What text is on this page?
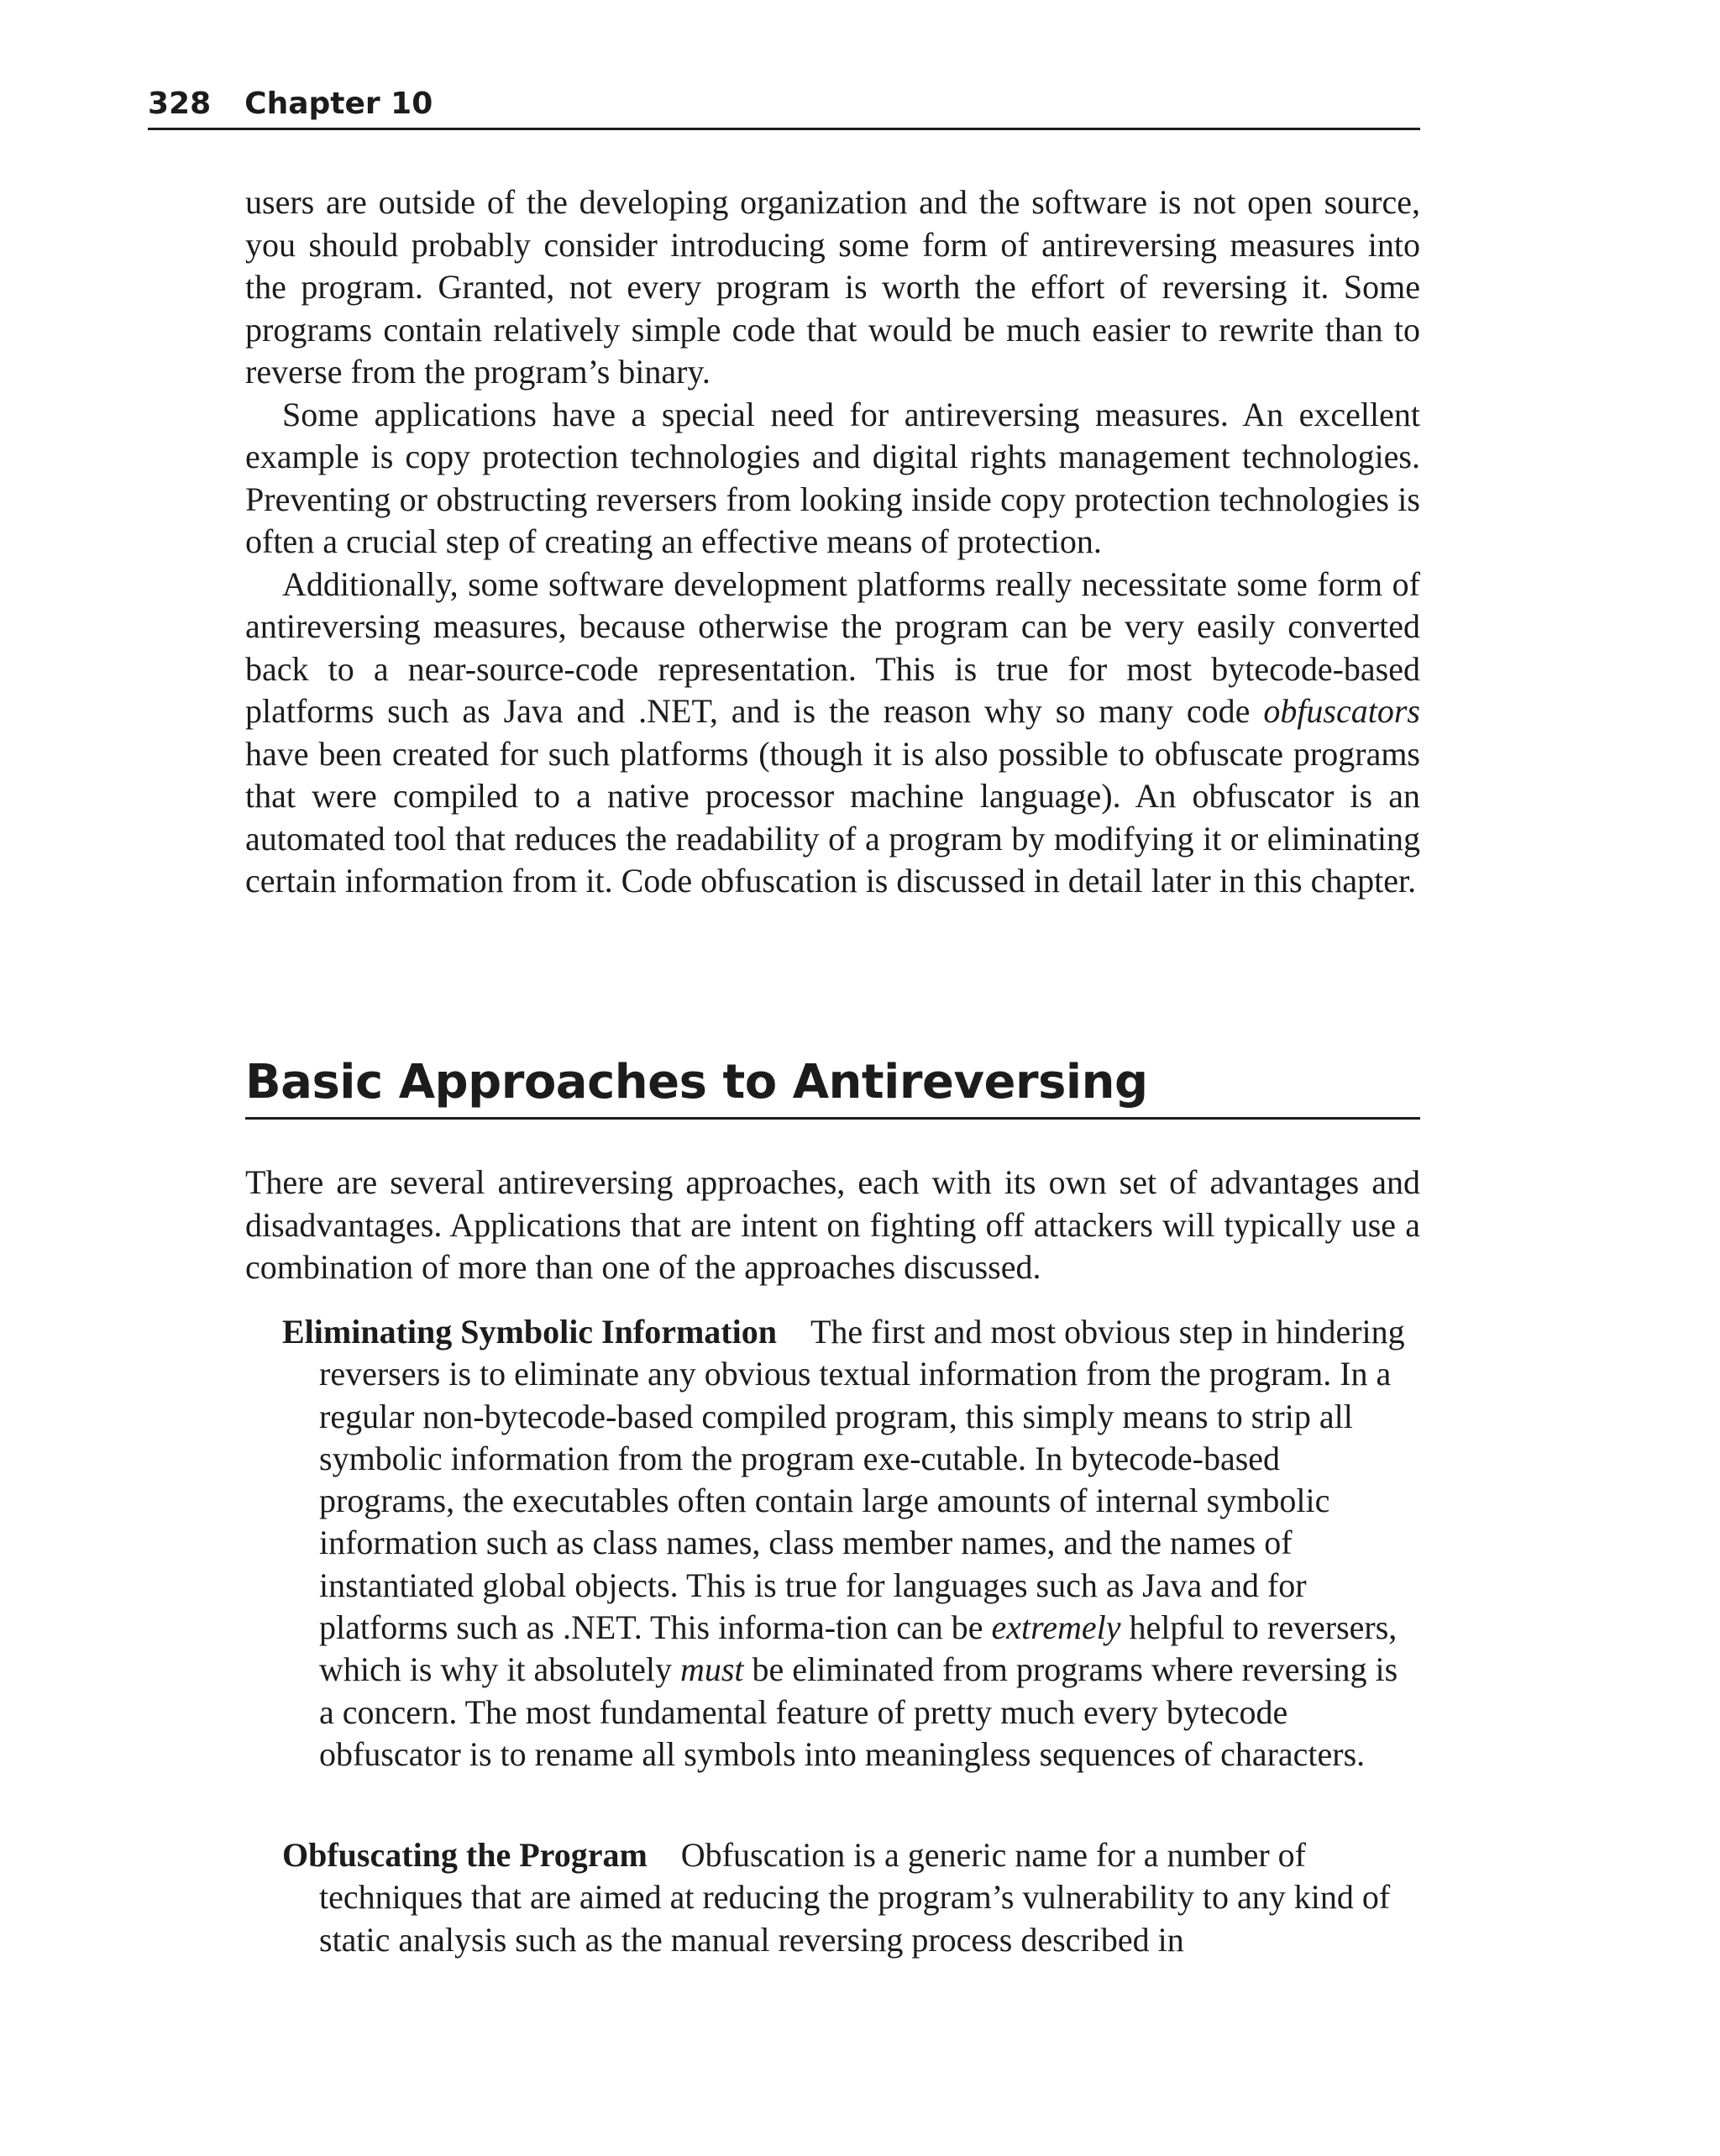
328 Chapter 10

users are outside of the developing organization and the software is not open source, you should probably consider introducing some form of antireversing measures into the program. Granted, not every program is worth the effort of reversing it. Some programs contain relatively simple code that would be much easier to rewrite than to reverse from the program’s binary.

Some applications have a special need for antireversing measures. An excellent example is copy protection technologies and digital rights management technologies. Preventing or obstructing reversers from looking inside copy protection technologies is often a crucial step of creating an effective means of protection.

Additionally, some software development platforms really necessitate some form of antireversing measures, because otherwise the program can be very easily converted back to a near-source-code representation. This is true for most bytecode-based platforms such as Java and .NET, and is the reason why so many code obfuscators have been created for such platforms (though it is also possible to obfuscate programs that were compiled to a native processor machine language). An obfuscator is an automated tool that reduces the readability of a program by modifying it or eliminating certain information from it. Code obfuscation is discussed in detail later in this chapter.

Basic Approaches to Antireversing

There are several antireversing approaches, each with its own set of advantages and disadvantages. Applications that are intent on fighting off attackers will typically use a combination of more than one of the approaches discussed.

Eliminating Symbolic Information The first and most obvious step in hindering reversers is to eliminate any obvious textual information from the program. In a regular non-bytecode-based compiled program, this simply means to strip all symbolic information from the program exe-cutable. In bytecode-based programs, the executables often contain large amounts of internal symbolic information such as class names, class member names, and the names of instantiated global objects. This is true for languages such as Java and for platforms such as .NET. This informa-tion can be extremely helpful to reversers, which is why it absolutely must be eliminated from programs where reversing is a concern. The most fundamental feature of pretty much every bytecode obfuscator is to rename all symbols into meaningless sequences of characters.

Obfuscating the Program Obfuscation is a generic name for a number of techniques that are aimed at reducing the program’s vulnerability to any kind of static analysis such as the manual reversing process described in
